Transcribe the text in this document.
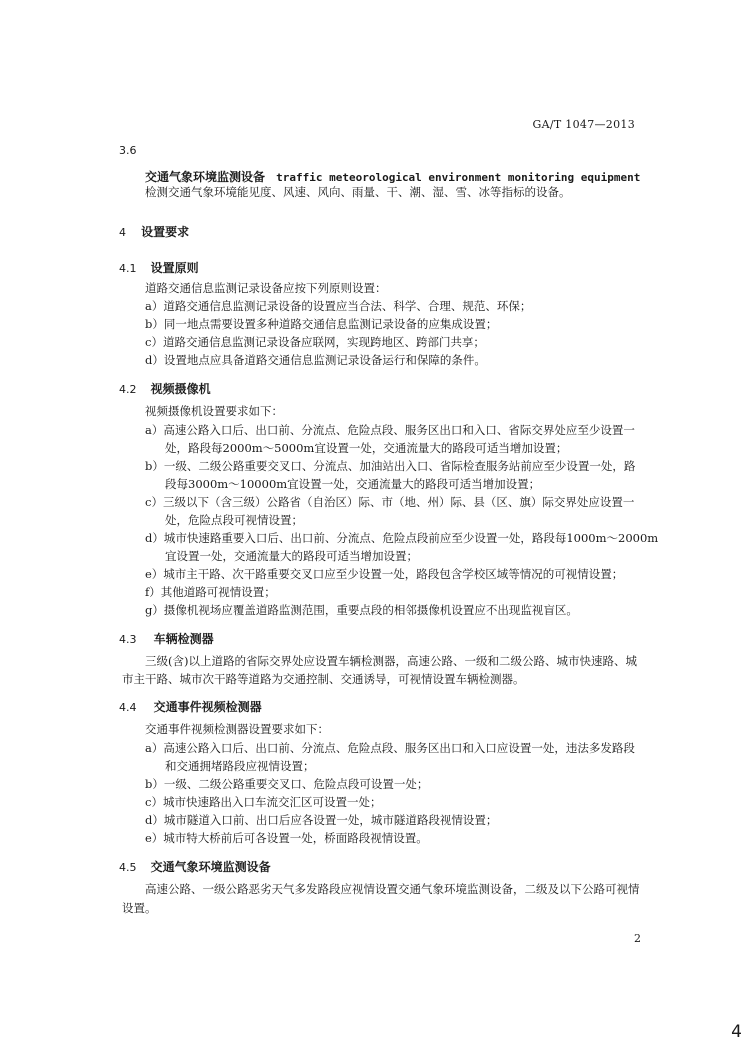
GA/T 1047—2013
3.6
交通气象环境监测设备 traffic meteorological environment monitoring equipment
检测交通气象环境能见度、风速、风向、雨量、干、潮、湿、雪、冰等指标的设备。
4 设置要求
4.1 设置原则
道路交通信息监测记录设备应按下列原则设置：
a）道路交通信息监测记录设备的设置应当合法、科学、合理、规范、环保；
b）同一地点需要设置多种道路交通信息监测记录设备的应集成设置；
c）道路交通信息监测记录设备应联网，实现跨地区、跨部门共享；
d）设置地点应具备道路交通信息监测记录设备运行和保障的条件。
4.2 视频摄像机
视频摄像机设置要求如下：
a）高速公路入口后、出口前、分流点、危险点段、服务区出口和入口、省际交界处应至少设置一
处，路段每2000m～5000m宜设置一处，交通流量大的路段可适当增加设置；
b）一级、二级公路重要交叉口、分流点、加油站出入口、省际检查服务站前应至少设置一处，路
段每3000m～10000m宜设置一处，交通流量大的路段可适当增加设置；
c）三级以下（含三级）公路省（自治区）际、市（地、州）际、县（区、旗）际交界处应设置一
处，危险点段可视情设置；
d）城市快速路重要入口后、出口前、分流点、危险点段前应至少设置一处，路段每1000m～2000m
宜设置一处，交通流量大的路段可适当增加设置；
e）城市主干路、次干路重要交叉口应至少设置一处，路段包含学校区域等情况的可视情设置；
f）其他道路可视情设置；
g）摄像机视场应覆盖道路监测范围，重要点段的相邻摄像机设置应不出现监视盲区。
4.3 车辆检测器
三级(含)以上道路的省际交界处应设置车辆检测器，高速公路、一级和二级公路、城市快速路、城
市主干路、城市次干路等道路为交通控制、交通诱导，可视情设置车辆检测器。
4.4 交通事件视频检测器
交通事件视频检测器设置要求如下：
a）高速公路入口后、出口前、分流点、危险点段、服务区出口和入口应设置一处，违法多发路段
和交通拥堵路段应视情设置；
b）一级、二级公路重要交叉口、危险点段可设置一处；
c）城市快速路出入口车流交汇区可设置一处；
d）城市隧道入口前、出口后应各设置一处，城市隧道路段视情设置；
e）城市特大桥前后可各设置一处，桥面路段视情设置。
4.5 交通气象环境监测设备
高速公路、一级公路恶劣天气多发路段应视情设置交通气象环境监测设备，二级及以下公路可视情
设置。
2
4
